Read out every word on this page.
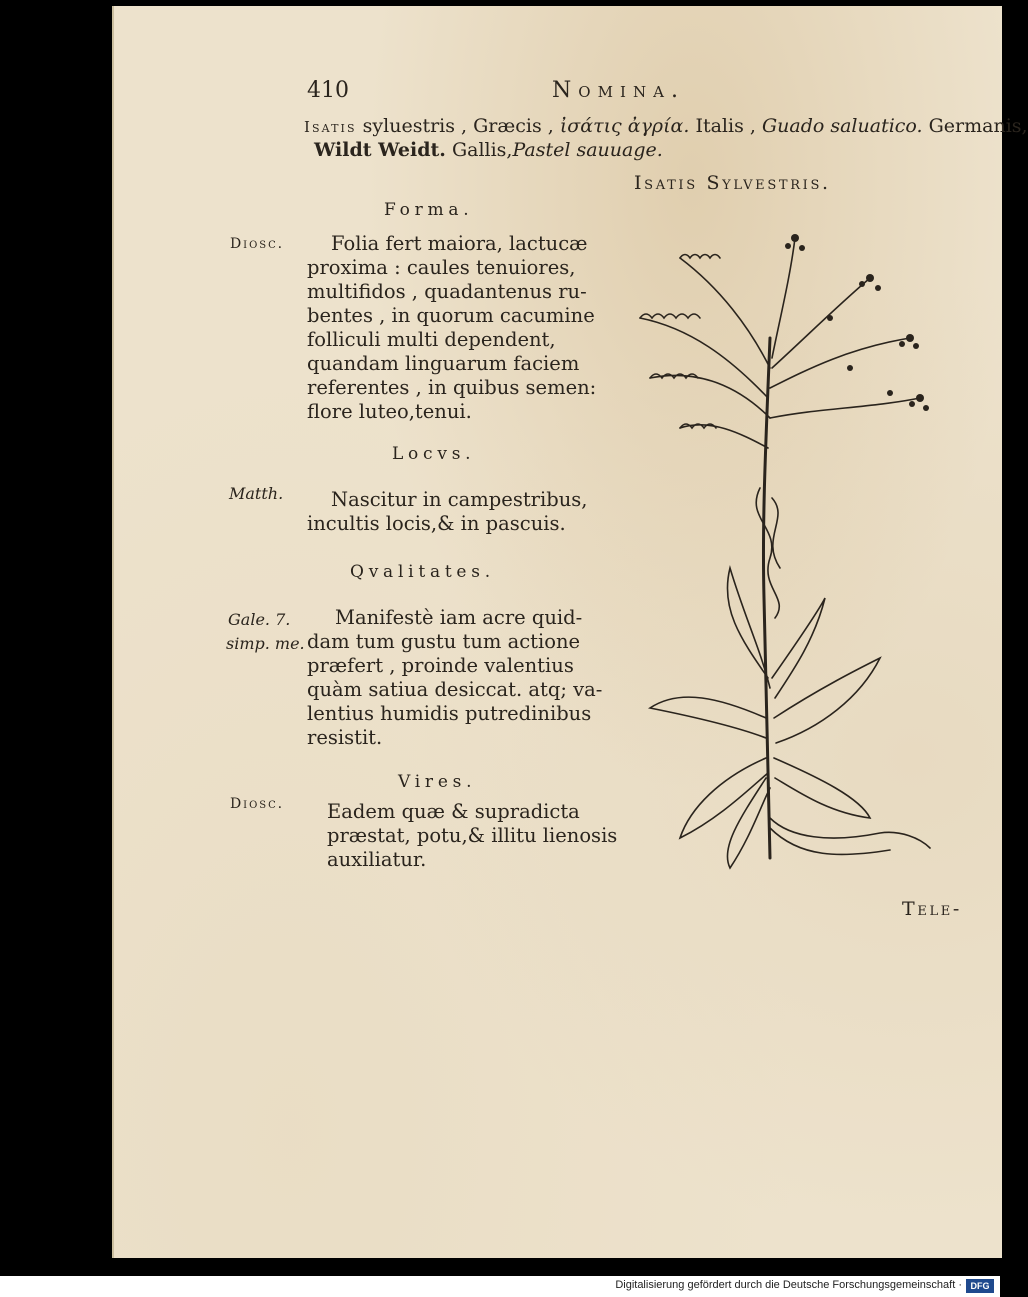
410	Nomina.
Isatis syluestris , Græcis , ἰσάτις ἀγρία. Italis , Guado saluatico. Germanis,
Wildt Weidt. Gallis,Pastel sauuage.
Isatis Sylvestris.
Forma.
Diosc.	Folia fert maiora, lactucæ
proxima : caules tenuiores,
multifidos , quadantenus ru-
bentes , in quorum cacumine
folliculi multi dependent,
quandam linguarum faciem
referentes , in quibus semen:
flore luteo,tenui.
Locvs.
Matth.	Nascitur in campestribus,
incultis locis,& in pascuis.
Qvalitates.
Gale. 7.
simp. me.
Manifestè iam acre quid-
dam tum gustu tum actione
præfert , proinde valentius
quàm satiua desiccat. atq; va-
lentius humidis putredinibus
resistit.
Vires.
Diosc. Eadem quæ & supradicta
præstat, potu,& illitu lienosis
auxiliatur.
Tele-
Digitalisierung gefördert durch die Deutsche Forschungsgemeinschaft · DFG
